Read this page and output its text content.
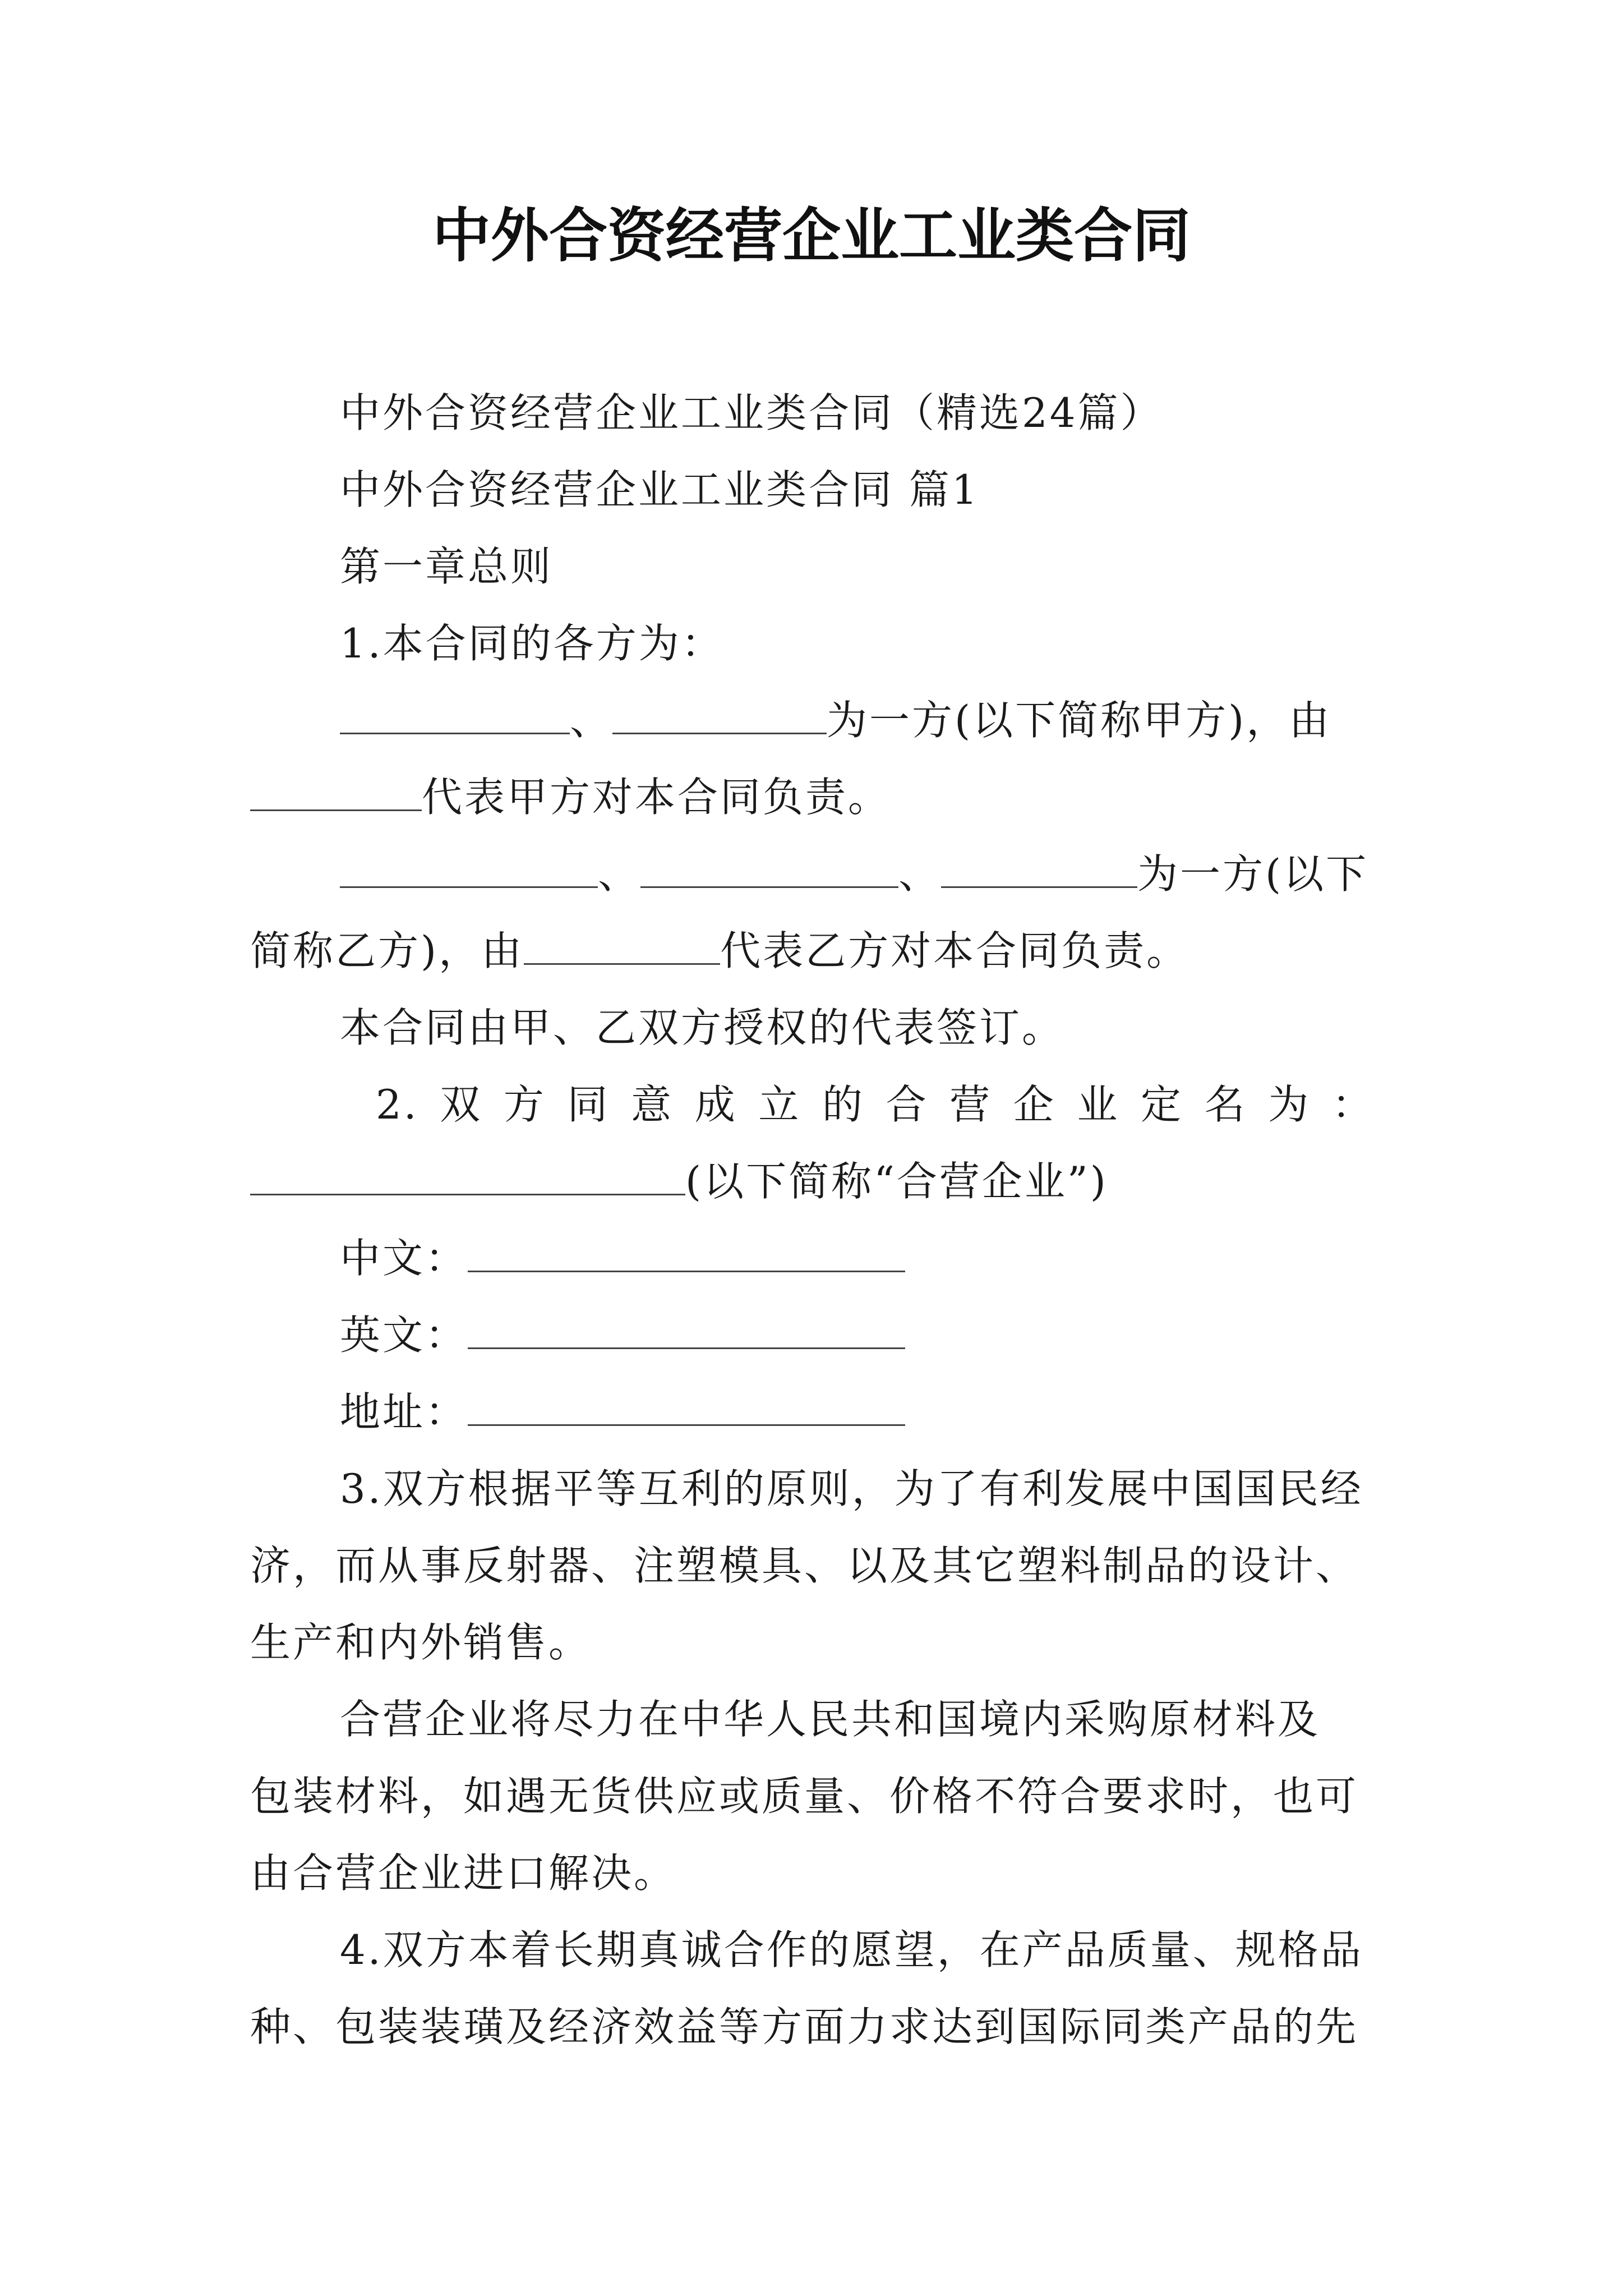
中外合资经营企业工业类合同
中外合资经营企业工业类合同（精选24篇）
中外合资经营企业工业类合同 篇1
第一章总则
1.本合同的各方为：
、	为一方(以下简称甲方)，由
代表甲方对本合同负责。
、	、	为一方(以下
简称乙方)，由	代表乙方对本合同负责。
本合同由甲、乙双方授权的代表签订。
2. 双 方 同 意 成 立 的 合 营 企 业 定 名 为 ：
(以下简称“合营企业”)
中文：
英文：
地址：
3.双方根据平等互利的原则，为了有利发展中国国民经
济，而从事反射器、注塑模具、以及其它塑料制品的设计、
生产和内外销售。
合营企业将尽力在中华人民共和国境内采购原材料及
包装材料，如遇无货供应或质量、价格不符合要求时，也可
由合营企业进口解决。
4.双方本着长期真诚合作的愿望，在产品质量、规格品
种、包装装璜及经济效益等方面力求达到国际同类产品的先
